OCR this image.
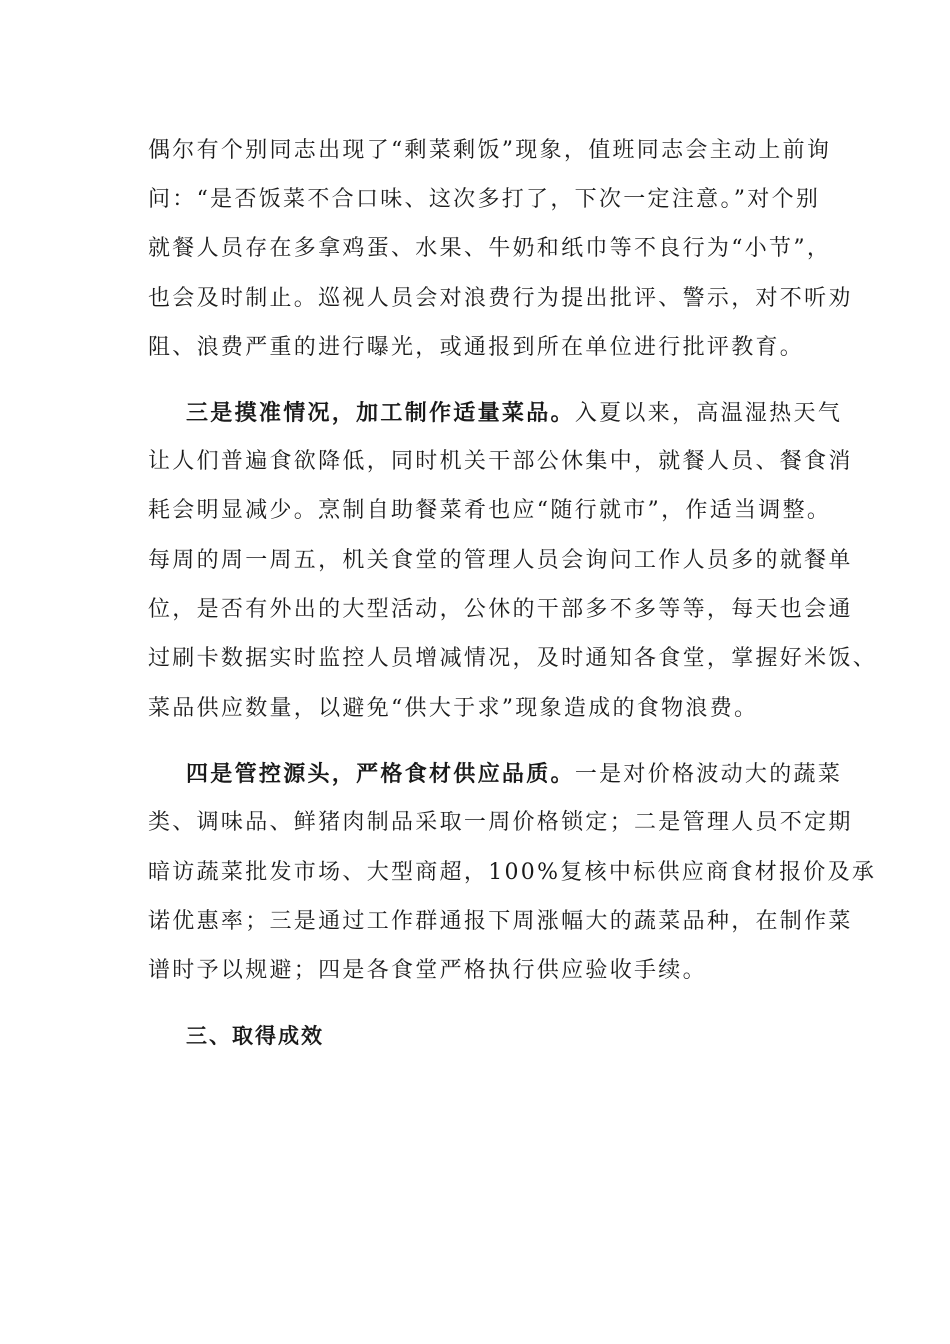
偶尔有个别同志出现了“剩菜剩饭”现象，值班同志会主动上前询
问：“是否饭菜不合口味、这次多打了，下次一定注意。”对个别
就餐人员存在多拿鸡蛋、水果、牛奶和纸巾等不良行为“小节”，
也会及时制止。巡视人员会对浪费行为提出批评、警示，对不听劝
阻、浪费严重的进行曝光，或通报到所在单位进行批评教育。
三是摸准情况，加工制作适量菜品。入夏以来，高温湿热天气
让人们普遍食欲降低，同时机关干部公休集中，就餐人员、餐食消
耗会明显减少。烹制自助餐菜肴也应“随行就市”，作适当调整。
每周的周一周五，机关食堂的管理人员会询问工作人员多的就餐单
位，是否有外出的大型活动，公休的干部多不多等等，每天也会通
过刷卡数据实时监控人员增减情况，及时通知各食堂，掌握好米饭、
菜品供应数量，以避免“供大于求”现象造成的食物浪费。
四是管控源头，严格食材供应品质。一是对价格波动大的蔬菜
类、调味品、鲜猪肉制品采取一周价格锁定；二是管理人员不定期
暗访蔬菜批发市场、大型商超，100%复核中标供应商食材报价及承
诺优惠率；三是通过工作群通报下周涨幅大的蔬菜品种，在制作菜
谱时予以规避；四是各食堂严格执行供应验收手续。
三、取得成效
